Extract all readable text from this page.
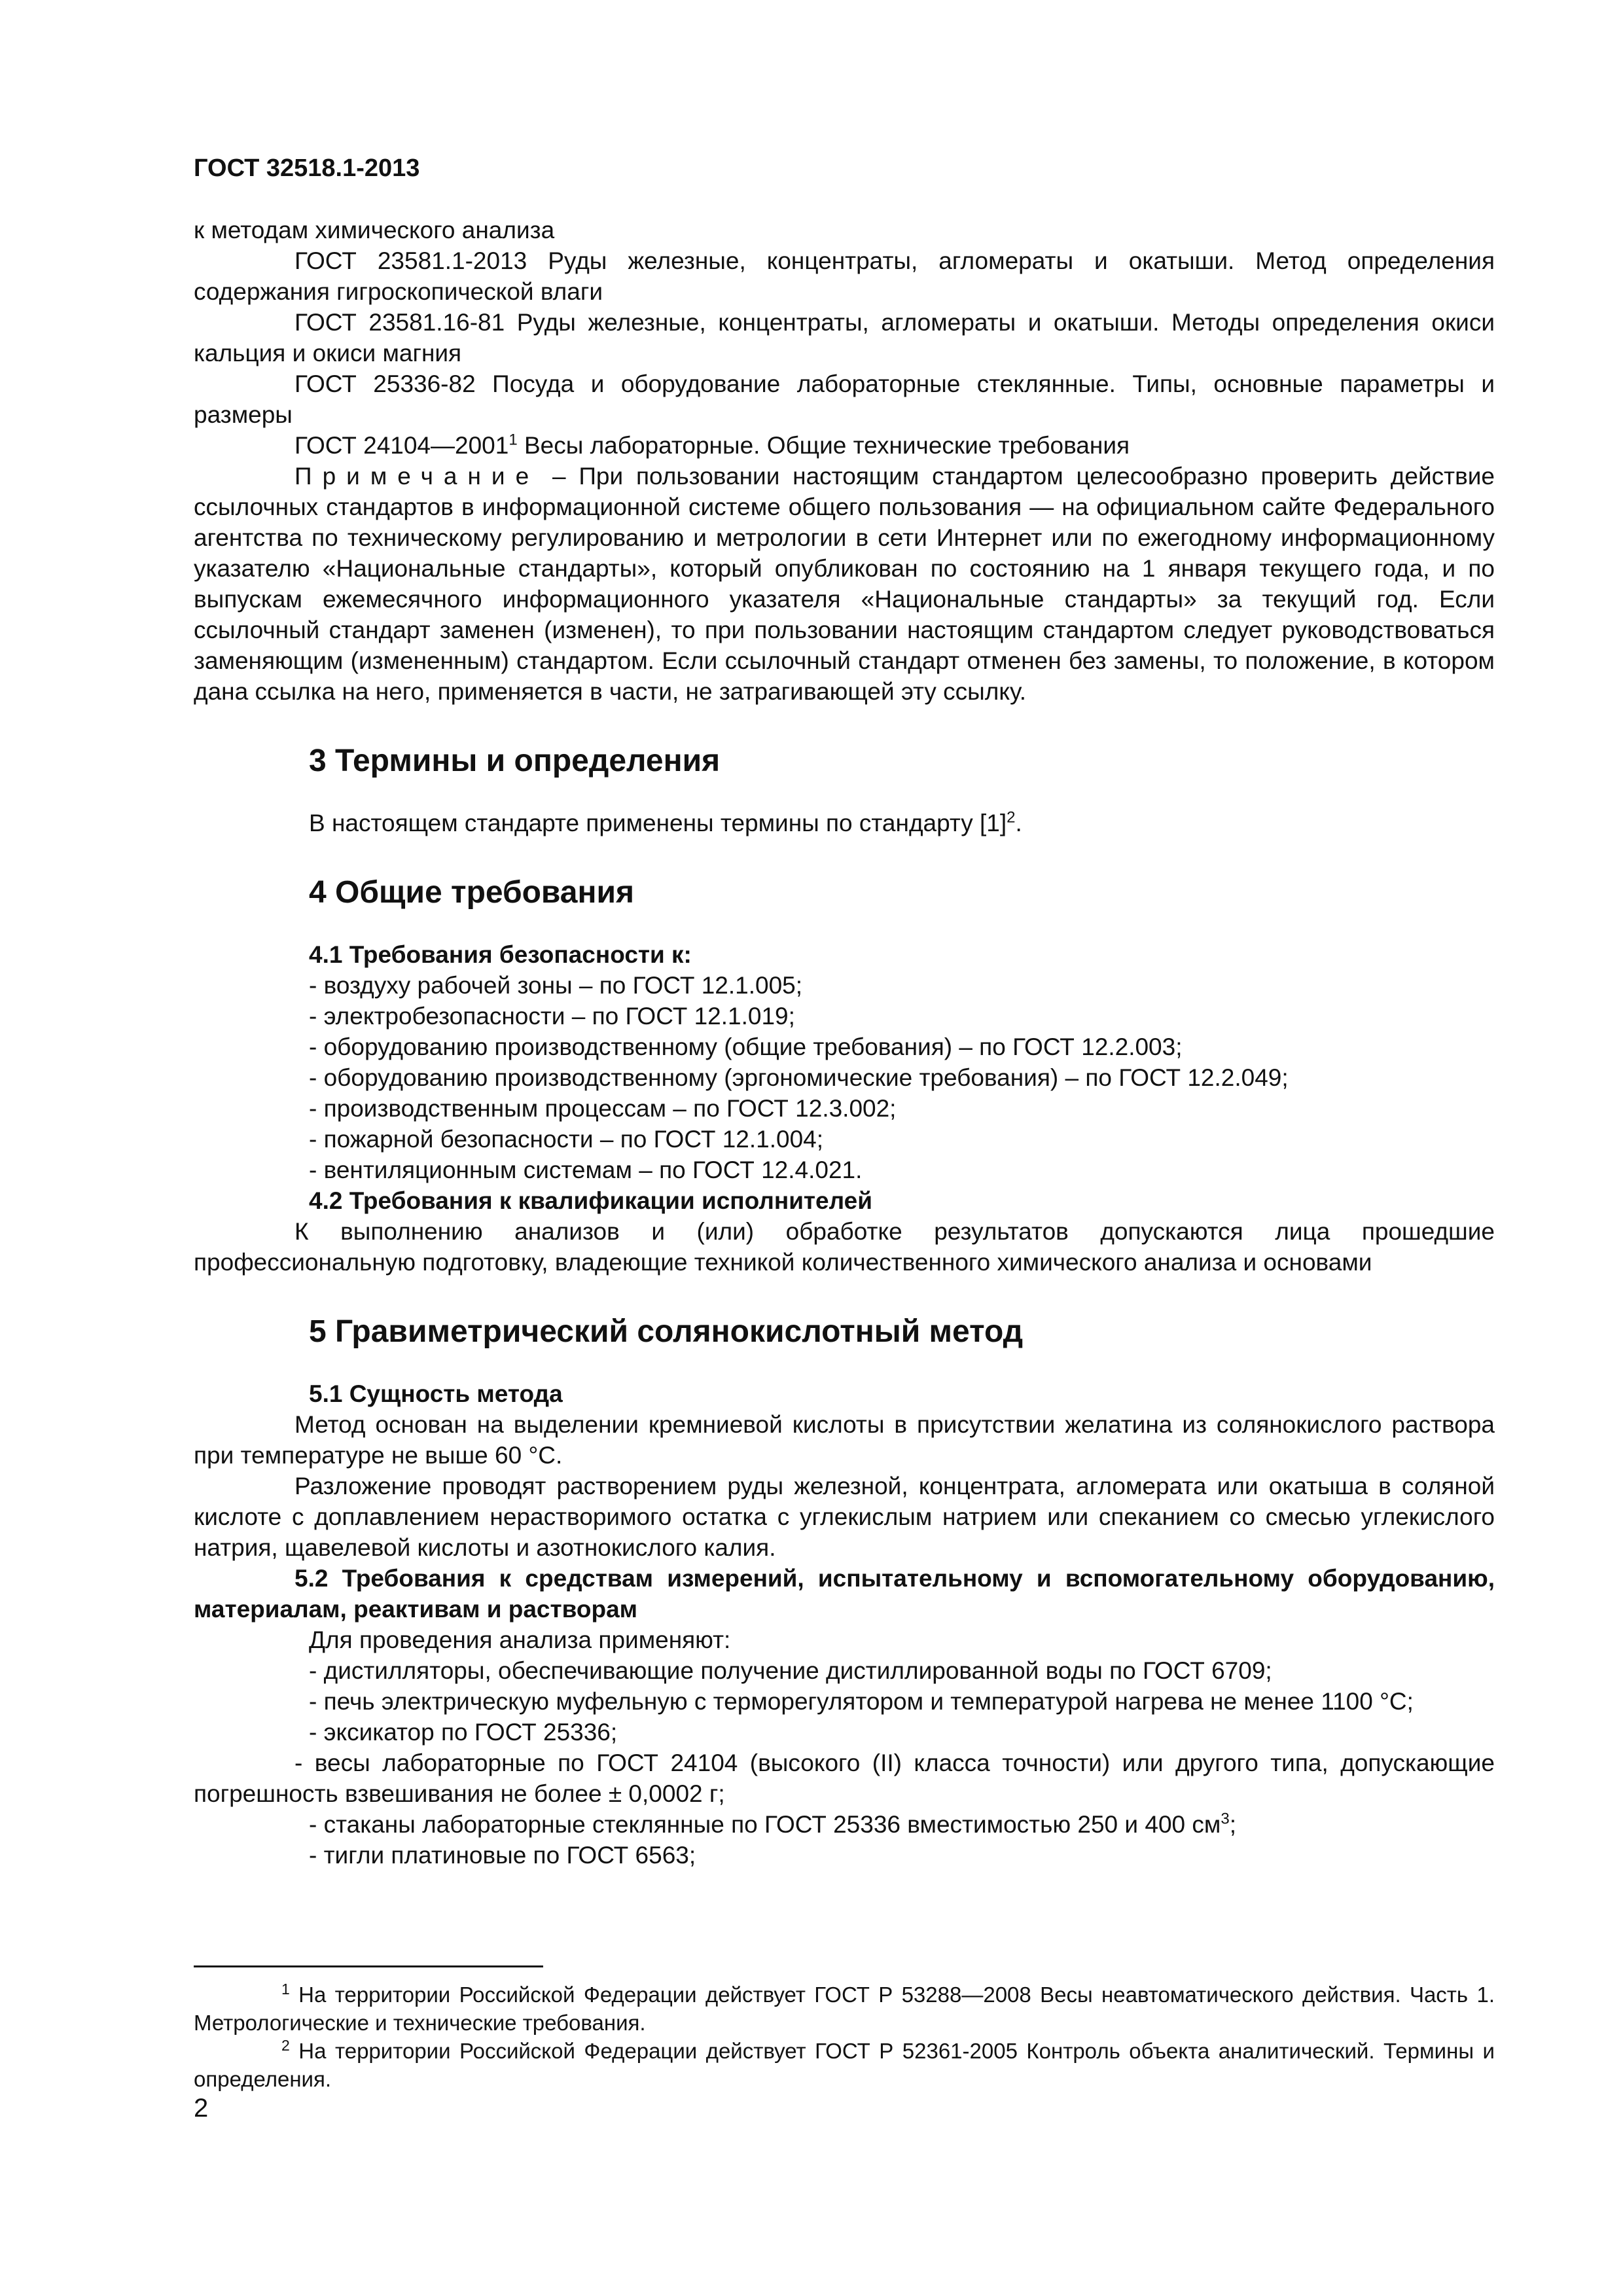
ГОСТ 32518.1-2013

к методам химического анализа

ГОСТ 23581.1-2013 Руды железные, концентраты, агломераты и окатыши. Метод определения содержания гигроскопической влаги

ГОСТ 23581.16-81 Руды железные, концентраты, агломераты и окатыши. Методы определения окиси кальция и окиси магния

ГОСТ 25336-82 Посуда и оборудование лабораторные стеклянные. Типы, основные параметры и размеры

ГОСТ 24104—2001$^1$ Весы лабораторные. Общие технические требования

Примечание – При пользовании настоящим стандартом целесообразно проверить действие ссылочных стандартов в информационной системе общего пользования — на официальном сайте Федерального агентства по техническому регулированию и метрологии в сети Интернет или по ежегодному информационному указателю «Национальные стандарты», который опубликован по состоянию на 1 января текущего года, и по выпускам ежемесячного информационного указателя «Национальные стандарты» за текущий год. Если ссылочный стандарт заменен (изменен), то при пользовании настоящим стандартом следует руководствоваться заменяющим (измененным) стандартом. Если ссылочный стандарт отменен без замены, то положение, в котором дана ссылка на него, применяется в части, не затрагивающей эту ссылку.

3 Термины и определения

В настоящем стандарте применены термины по стандарту $[1]^2$.

4 Общие требования

4.1 Требования безопасности к:

- воздуху рабочей зоны – по ГОСТ 12.1.005;

- электробезопасности – по ГОСТ 12.1.019;

- оборудованию производственному (общие требования) – по ГОСТ 12.2.003;

- оборудованию производственному (эргономические требования) – по ГОСТ 12.2.049;

- производственным процессам – по ГОСТ 12.3.002;

- пожарной безопасности – по ГОСТ 12.1.004;

- вентиляционным системам – по ГОСТ 12.4.021.

4.2 Требования к квалификации исполнителей

К выполнению анализов и (или) обработке результатов допускаются лица прошедшие профессиональную подготовку, владеющие техникой количественного химического анализа и основами

5 Гравиметрический солянокислотный метод

5.1 Сущность метода

Метод основан на выделении кремниевой кислоты в присутствии желатина из солянокислого раствора при температуре не выше 60 °С.

Разложение проводят растворением руды железной, концентрата, агломерата или окатыша в соляной кислоте с доплавлением нерастворимого остатка с углекислым натрием или спеканием со смесью углекислого натрия, щавелевой кислоты и азотнокислого калия.

5.2 Требования к средствам измерений, испытательному и вспомогательному оборудованию, материалам, реактивам и растворам

Для проведения анализа применяют:

- дистилляторы, обеспечивающие получение дистиллированной воды по ГОСТ 6709;

- печь электрическую муфельную с терморегулятором и температурой нагрева не менее 1100 °С;

- эксикатор по ГОСТ 25336;

- весы лабораторные по ГОСТ 24104 (высокого (II) класса точности) или другого типа, допускающие погрешность взвешивания не более ± 0,0002 г;

- стаканы лабораторные стеклянные по ГОСТ 25336 вместимостью 250 и 400 $см^3$;

- тигли платиновые по ГОСТ 6563;

$^1$ На территории Российской Федерации действует ГОСТ Р 53288—2008 Весы неавтоматического действия. Часть 1. Метрологические и технические требования.

$^2$ На территории Российской Федерации действует ГОСТ Р 52361-2005 Контроль объекта аналитический. Термины и определения.

2
